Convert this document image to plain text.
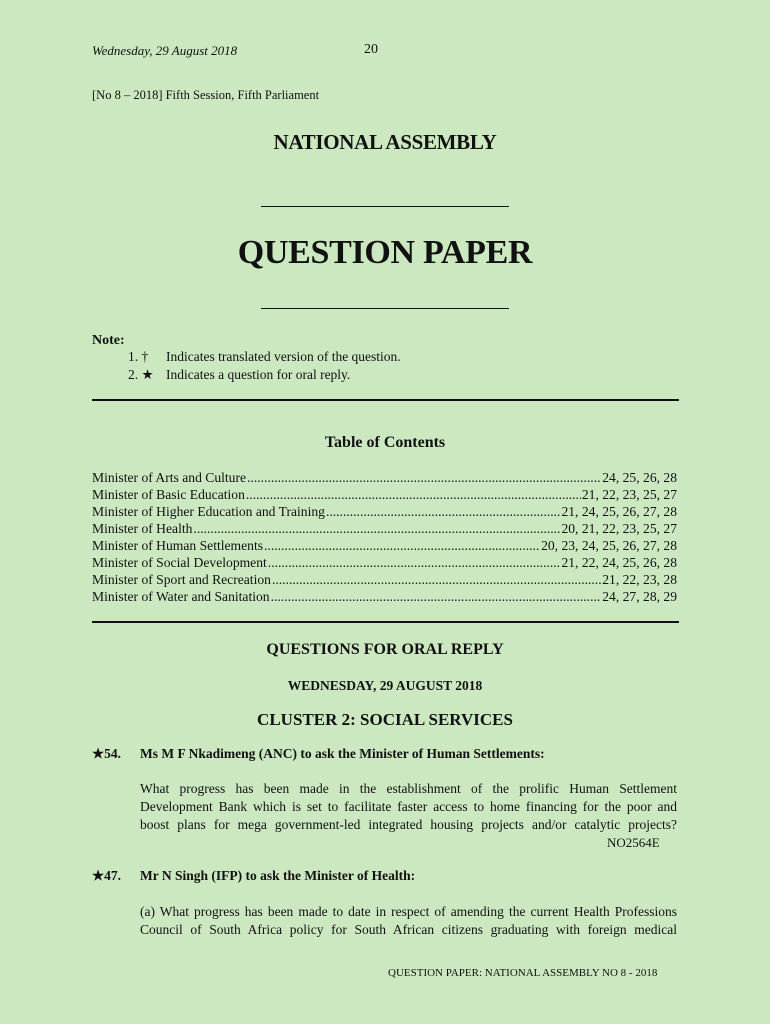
Wednesday, 29 August 2018	20
[No 8 – 2018] Fifth Session, Fifth Parliament
NATIONAL ASSEMBLY
QUESTION PAPER
Note:
1. † Indicates translated version of the question.
2. ★ Indicates a question for oral reply.
Table of Contents
Minister of Arts and Culture .....	24, 25, 26, 28
Minister of Basic Education .....	21, 22, 23, 25, 27
Minister of Higher Education and Training .....	21, 24, 25, 26, 27, 28
Minister of Health .....	20, 21, 22, 23, 25, 27
Minister of Human Settlements .....	20, 23, 24, 25, 26, 27, 28
Minister of Social Development .....	21, 22, 24, 25, 26, 28
Minister of Sport and Recreation .....	21, 22, 23, 28
Minister of Water and Sanitation .....	24, 27, 28, 29
QUESTIONS FOR ORAL REPLY
WEDNESDAY, 29 AUGUST 2018
CLUSTER 2: SOCIAL SERVICES
★54. Ms M F Nkadimeng (ANC) to ask the Minister of Human Settlements:
What progress has been made in the establishment of the prolific Human Settlement
Development Bank which is set to facilitate faster access to home financing for the poor and
boost plans for mega government-led integrated housing projects and/or catalytic projects?
NO2564E
★47. Mr N Singh (IFP) to ask the Minister of Health:
(a) What progress has been made to date in respect of amending the current Health Professions
Council of South Africa policy for South African citizens graduating with foreign medical
QUESTION PAPER: NATIONAL ASSEMBLY NO 8 - 2018
